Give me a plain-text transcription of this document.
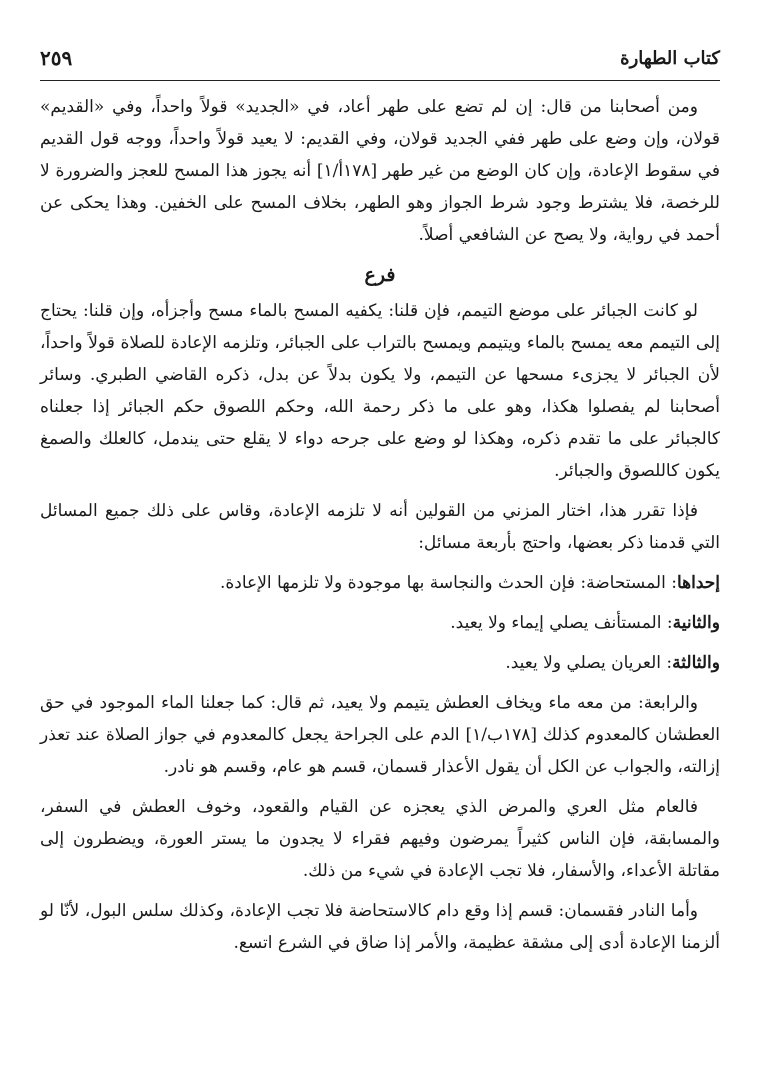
كتاب الطهارة
٢٥٩

ومن أصحابنا من قال: إن لم تضع على طهر أعاد، في «الجديد» قولاً واحداً، وفي «القديم» قولان، وإن وضع على طهر ففي الجديد قولان، وفي القديم: لا يعيد قولاً واحداً، ووجه قول القديم في سقوط الإعادة، وإن كان الوضع من غير طهر [١٧٨أ/١] أنه يجوز هذا المسح للعجز والضرورة لا للرخصة، فلا يشترط وجود شرط الجواز وهو الطهر، بخلاف المسح على الخفين. وهذا يحكى عن أحمد في رواية، ولا يصح عن الشافعي أصلاً.

فرع

لو كانت الجبائر على موضع التيمم، فإن قلنا: يكفيه المسح بالماء مسح وأجزأه، وإن قلنا: يحتاج إلى التيمم معه يمسح بالماء ويتيمم ويمسح بالتراب على الجبائر، وتلزمه الإعادة للصلاة قولاً واحداً، لأن الجبائر لا يجزىء مسحها عن التيمم، ولا يكون بدلاً عن بدل، ذكره القاضي الطبري. وسائر أصحابنا لم يفصلوا هكذا، وهو على ما ذكر رحمة الله، وحكم اللصوق حكم الجبائر إذا جعلناه كالجبائر على ما تقدم ذكره، وهكذا لو وضع على جرحه دواء لا يقلع حتى يندمل، كالعلك والصمغ يكون كاللصوق والجبائر.

فإذا تقرر هذا، اختار المزني من القولين أنه لا تلزمه الإعادة، وقاس على ذلك جميع المسائل التي قدمنا ذكر بعضها، واحتج بأربعة مسائل:

إحداها: المستحاضة: فإن الحدث والنجاسة بها موجودة ولا تلزمها الإعادة.

والثانية: المستأنف يصلي إيماء ولا يعيد.

والثالثة: العريان يصلي ولا يعيد.

والرابعة: من معه ماء ويخاف العطش يتيمم ولا يعيد، ثم قال: كما جعلنا الماء الموجود في حق العطشان كالمعدوم كذلك [١٧٨ب/١] الدم على الجراحة يجعل كالمعدوم في جواز الصلاة عند تعذر إزالته، والجواب عن الكل أن يقول الأعذار قسمان، قسم هو عام، وقسم هو نادر.

فالعام مثل العري والمرض الذي يعجزه عن القيام والقعود، وخوف العطش في السفر، والمسابقة، فإن الناس كثيراً يمرضون وفيهم فقراء لا يجدون ما يستر العورة، ويضطرون إلى مقاتلة الأعداء، والأسفار، فلا تجب الإعادة في شيء من ذلك.

وأما النادر فقسمان: قسم إذا وقع دام كالاستحاضة فلا تجب الإعادة، وكذلك سلس البول، لأنّا لو ألزمنا الإعادة أدى إلى مشقة عظيمة، والأمر إذا ضاق في الشرع اتسع.
